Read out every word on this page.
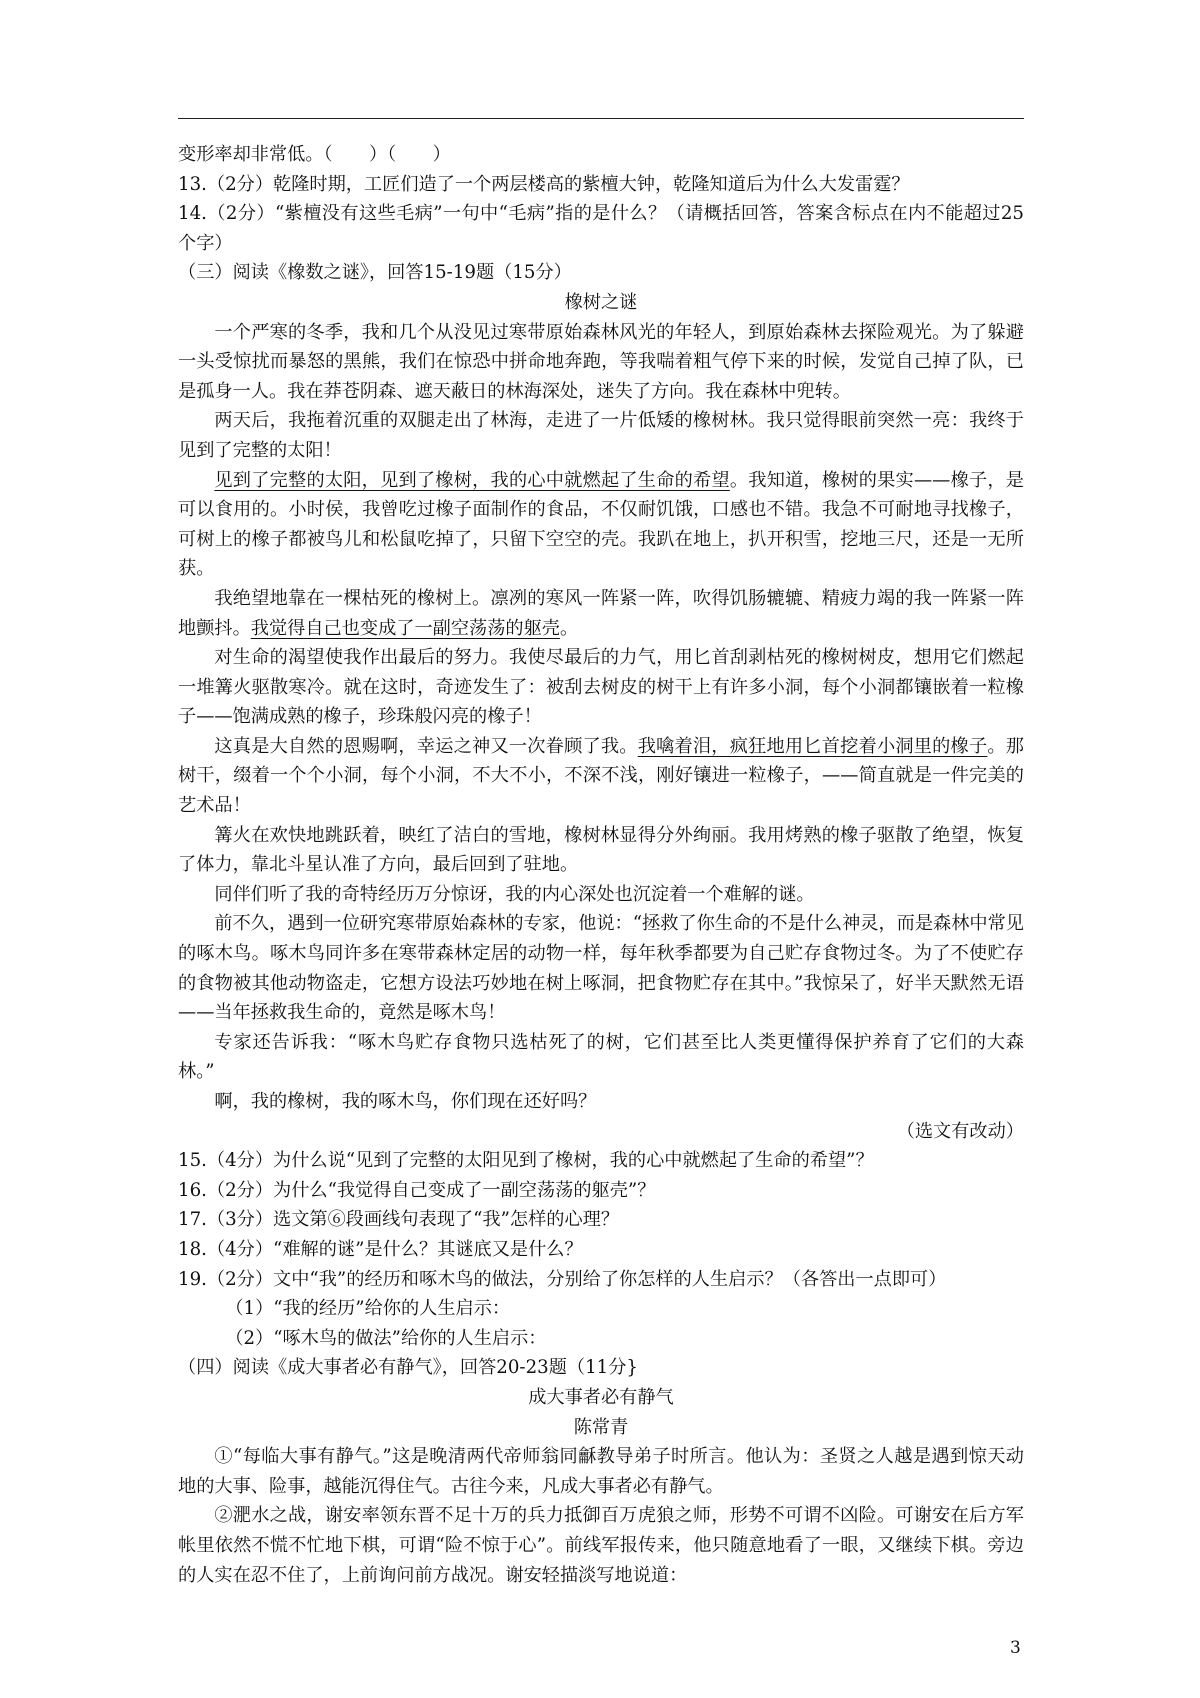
变形率却非常低。（　　）（　　）

13.（2分）乾隆时期，工匠们造了一个两层楼高的紫檀大钟，乾隆知道后为什么大发雷霆？

14.（2分）“紫檀没有这些毛病”一句中“毛病”指的是什么？（请概括回答，答案含标点在内不能超过25个字）

（三）阅读《橡数之谜》，回答15-19题（15分）

橡树之谜

一个严寒的冬季，我和几个从没见过寒带原始森林风光的年轻人，到原始森林去探险观光。为了躲避一头受惊扰而暴怒的黑熊，我们在惊恐中拼命地奔跑，等我喘着粗气停下来的时候，发觉自己掉了队，已是孤身一人。我在莽苍阴森、遮天蔽日的林海深处，迷失了方向。我在森林中兜转。

两天后，我拖着沉重的双腿走出了林海，走进了一片低矮的橡树林。我只觉得眼前突然一亮：我终于见到了完整的太阳！

见到了完整的太阳，见到了橡树，我的心中就燃起了生命的希望。我知道，橡树的果实——橡子，是可以食用的。小时侯，我曾吃过橡子面制作的食品，不仅耐饥饿，口感也不错。我急不可耐地寻找橡子，可树上的橡子都被鸟儿和松鼠吃掉了，只留下空空的壳。我趴在地上，扒开积雪，挖地三尺，还是一无所获。

我绝望地靠在一棵枯死的橡树上。凛冽的寒风一阵紧一阵，吹得饥肠辘辘、精疲力竭的我一阵紧一阵地颤抖。我觉得自己也变成了一副空荡荡的躯壳。

对生命的渴望使我作出最后的努力。我使尽最后的力气，用匕首刮剥枯死的橡树树皮，想用它们燃起一堆篝火驱散寒冷。就在这时，奇迹发生了：被刮去树皮的树干上有许多小洞，每个小洞都镶嵌着一粒橡子——饱满成熟的橡子，珍珠般闪亮的橡子！

这真是大自然的恩赐啊，幸运之神又一次眷顾了我。我噙着泪，疯狂地用匕首挖着小洞里的橡子。那树干，缀着一个个小洞，每个小洞，不大不小，不深不浅，刚好镶进一粒橡子，——简直就是一件完美的艺术品！

篝火在欢快地跳跃着，映红了洁白的雪地，橡树林显得分外绚丽。我用烤熟的橡子驱散了绝望，恢复了体力，靠北斗星认准了方向，最后回到了驻地。

同伴们听了我的奇特经历万分惊讶，我的内心深处也沉淀着一个难解的谜。

前不久，遇到一位研究寒带原始森林的专家，他说：“拯救了你生命的不是什么神灵，而是森林中常见的啄木鸟。啄木鸟同许多在寒带森林定居的动物一样，每年秋季都要为自己贮存食物过冬。为了不使贮存的食物被其他动物盗走，它想方设法巧妙地在树上啄洞，把食物贮存在其中。”我惊呆了，好半天默然无语——当年拯救我生命的，竟然是啄木鸟！

专家还告诉我：“啄木鸟贮存食物只选枯死了的树，它们甚至比人类更懂得保护养育了它们的大森林。”

啊，我的橡树，我的啄木鸟，你们现在还好吗？

（选文有改动）

15.（4分）为什么说“见到了完整的太阳见到了橡树，我的心中就燃起了生命的希望”？

16.（2分）为什么“我觉得自己变成了一副空荡荡的躯壳”？

17.（3分）选文第⑥段画线句表现了“我”怎样的心理？

18.（4分）“难解的谜”是什么？其谜底又是什么？

19.（2分）文中“我”的经历和啄木鸟的做法，分别给了你怎样的人生启示？（各答出一点即可）

（1）“我的经历”给你的人生启示：

（2）“啄木鸟的做法”给你的人生启示：

（四）阅读《成大事者必有静气》，回答20-23题（11分}

成大事者必有静气

陈常青

①“每临大事有静气。”这是晚清两代帝师翁同龢教导弟子时所言。他认为：圣贤之人越是遇到惊天动地的大事、险事，越能沉得住气。古往今来，凡成大事者必有静气。

②淝水之战，谢安率领东晋不足十万的兵力抵御百万虎狼之师，形势不可谓不凶险。可谢安在后方军帐里依然不慌不忙地下棋，可谓“险不惊于心”。前线军报传来，他只随意地看了一眼，又继续下棋。旁边的人实在忍不住了，上前询问前方战况。谢安轻描淡写地说道：

3
